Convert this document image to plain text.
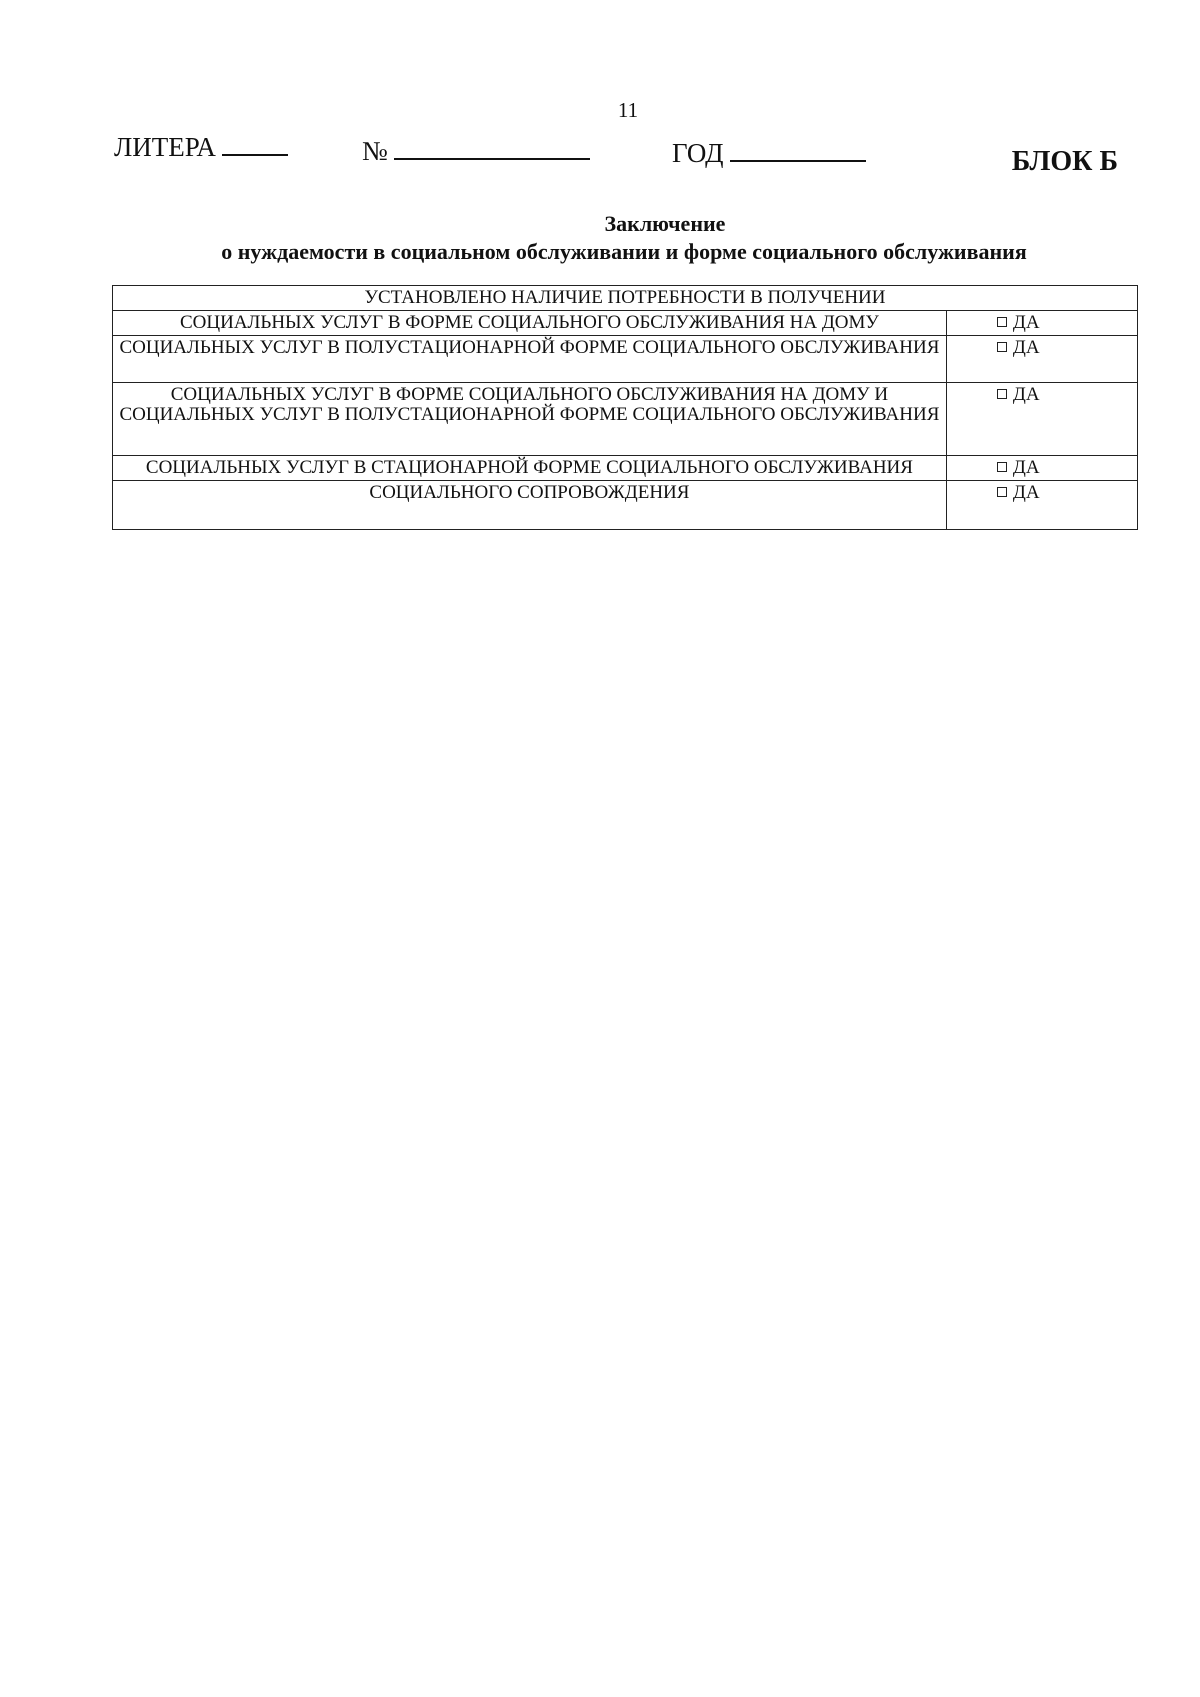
11
ЛИТЕРА	№	ГОД	БЛОК Б
Заключение
о нуждаемости в социальном обслуживании и форме социального обслуживания
УСТАНОВЛЕНО НАЛИЧИЕ ПОТРЕБНОСТИ В ПОЛУЧЕНИИ	
СОЦИАЛЬНЫХ УСЛУГ В ФОРМЕ СОЦИАЛЬНОГО ОБСЛУЖИВАНИЯ НА ДОМУ	ДА
СОЦИАЛЬНЫХ УСЛУГ В ПОЛУСТАЦИОНАРНОЙ ФОРМЕ СОЦИАЛЬНОГО ОБСЛУЖИВАНИЯ	ДА
СОЦИАЛЬНЫХ УСЛУГ В ФОРМЕ СОЦИАЛЬНОГО ОБСЛУЖИВАНИЯ НА ДОМУ И СОЦИАЛЬНЫХ УСЛУГ В ПОЛУСТАЦИОНАРНОЙ ФОРМЕ СОЦИАЛЬНОГО ОБСЛУЖИВАНИЯ	ДА
СОЦИАЛЬНЫХ УСЛУГ В СТАЦИОНАРНОЙ ФОРМЕ СОЦИАЛЬНОГО ОБСЛУЖИВАНИЯ	ДА
СОЦИАЛЬНОГО СОПРОВОЖДЕНИЯ	ДА
